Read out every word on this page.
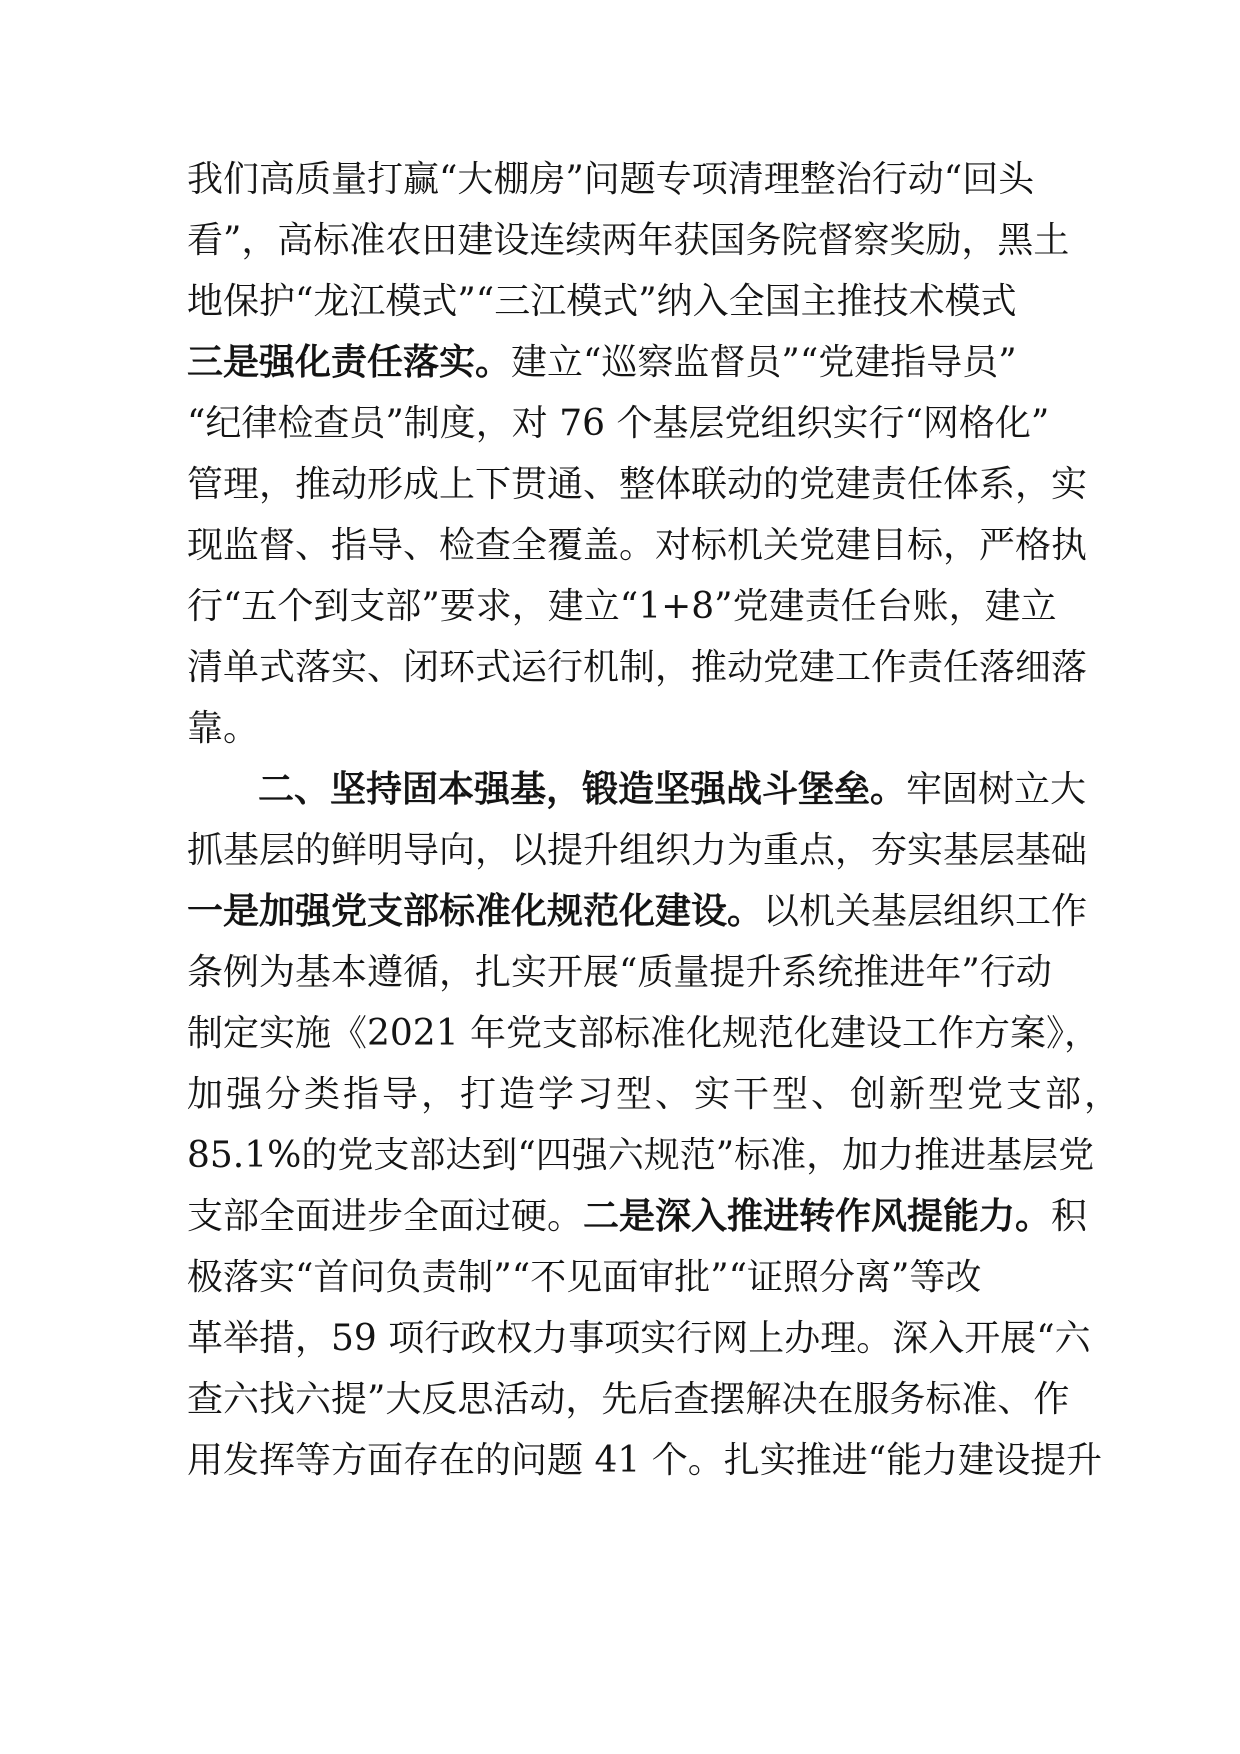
我们高质量打赢“大棚房”问题专项清理整治行动“回头
看”，高标准农田建设连续两年获国务院督察奖励，黑土
地保护“龙江模式”“三江模式”纳入全国主推技术模式
三是强化责任落实。建立“巡察监督员”“党建指导员”
“纪律检查员”制度，对 76 个基层党组织实行“网格化”
管理，推动形成上下贯通、整体联动的党建责任体系，实
现监督、指导、检查全覆盖。对标机关党建目标，严格执
行“五个到支部”要求，建立“1+8”党建责任台账，建立
清单式落实、闭环式运行机制，推动党建工作责任落细落
靠。
二、坚持固本强基，锻造坚强战斗堡垒。牢固树立大
抓基层的鲜明导向，以提升组织力为重点，夯实基层基础
一是加强党支部标准化规范化建设。以机关基层组织工作
条例为基本遵循，扎实开展“质量提升系统推进年”行动
制定实施《2021 年党支部标准化规范化建设工作方案》，
加强分类指导，打造学习型、实干型、创新型党支部，
85.1%的党支部达到“四强六规范”标准，加力推进基层党
支部全面进步全面过硬。二是深入推进转作风提能力。积
极落实“首问负责制”“不见面审批”“证照分离”等改
革举措，59 项行政权力事项实行网上办理。深入开展“六
查六找六提”大反思活动，先后查摆解决在服务标准、作
用发挥等方面存在的问题 41 个。扎实推进“能力建设提升
